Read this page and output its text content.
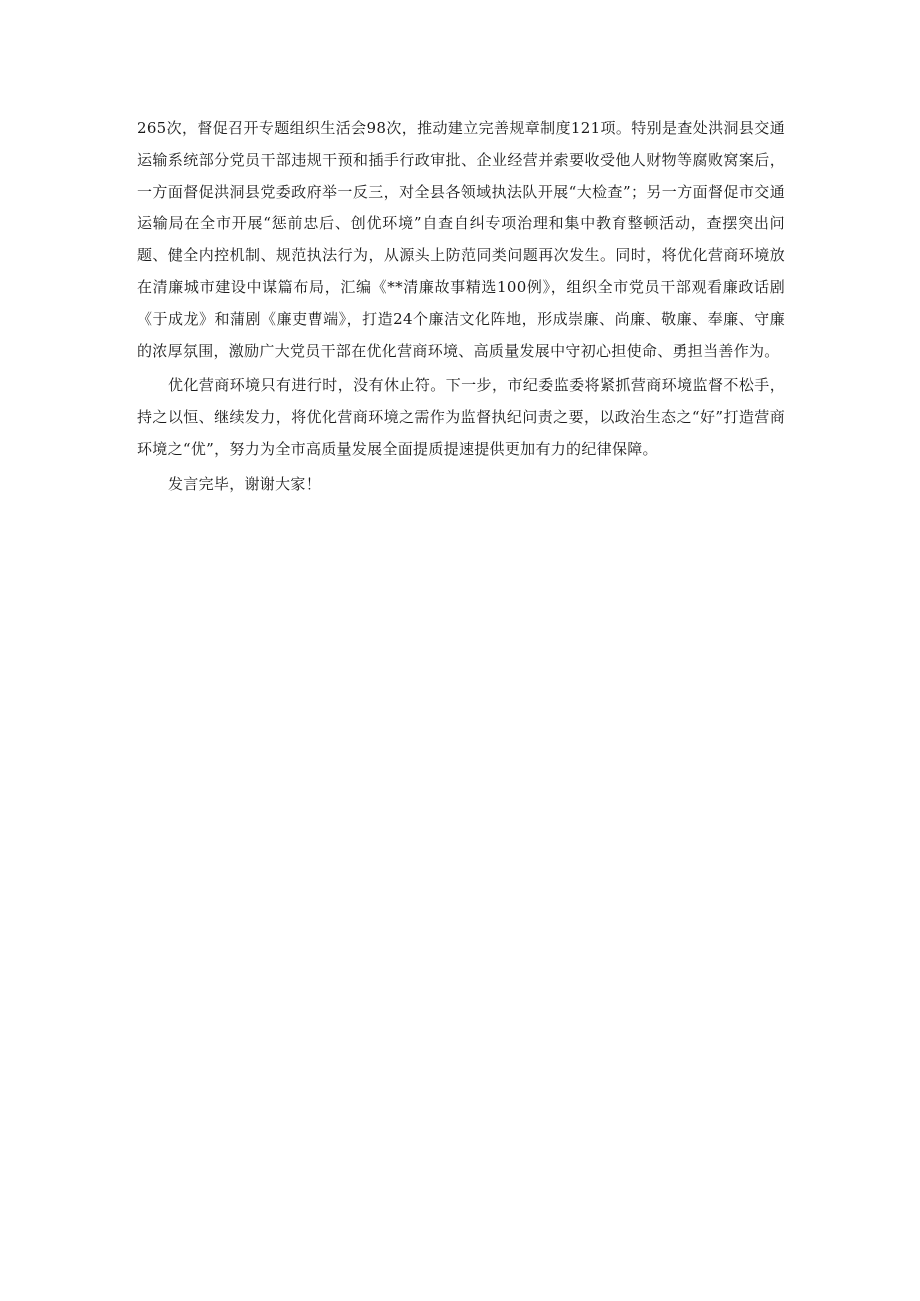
265次，督促召开专题组织生活会98次，推动建立完善规章制度121项。特别是查处洪洞县交通运输系统部分党员干部违规干预和插手行政审批、企业经营并索要收受他人财物等腐败窝案后，一方面督促洪洞县党委政府举一反三，对全县各领域执法队开展“大检查”；另一方面督促市交通运输局在全市开展“惩前忠后、创优环境”自查自纠专项治理和集中教育整顿活动，查摆突出问题、健全内控机制、规范执法行为，从源头上防范同类问题再次发生。同时，将优化营商环境放在清廉城市建设中谋篇布局，汇编《**清廉故事精选100例》，组织全市党员干部观看廉政话剧《于成龙》和蒲剧《廉吏曹端》，打造24个廉洁文化阵地，形成崇廉、尚廉、敬廉、奉廉、守廉的浓厚氛围，激励广大党员干部在优化营商环境、高质量发展中守初心担使命、勇担当善作为。

优化营商环境只有进行时，没有休止符。下一步，市纪委监委将紧抓营商环境监督不松手，持之以恒、继续发力，将优化营商环境之需作为监督执纪问责之要，以政治生态之“好”打造营商环境之“优”，努力为全市高质量发展全面提质提速提供更加有力的纪律保障。

发言完毕，谢谢大家！
